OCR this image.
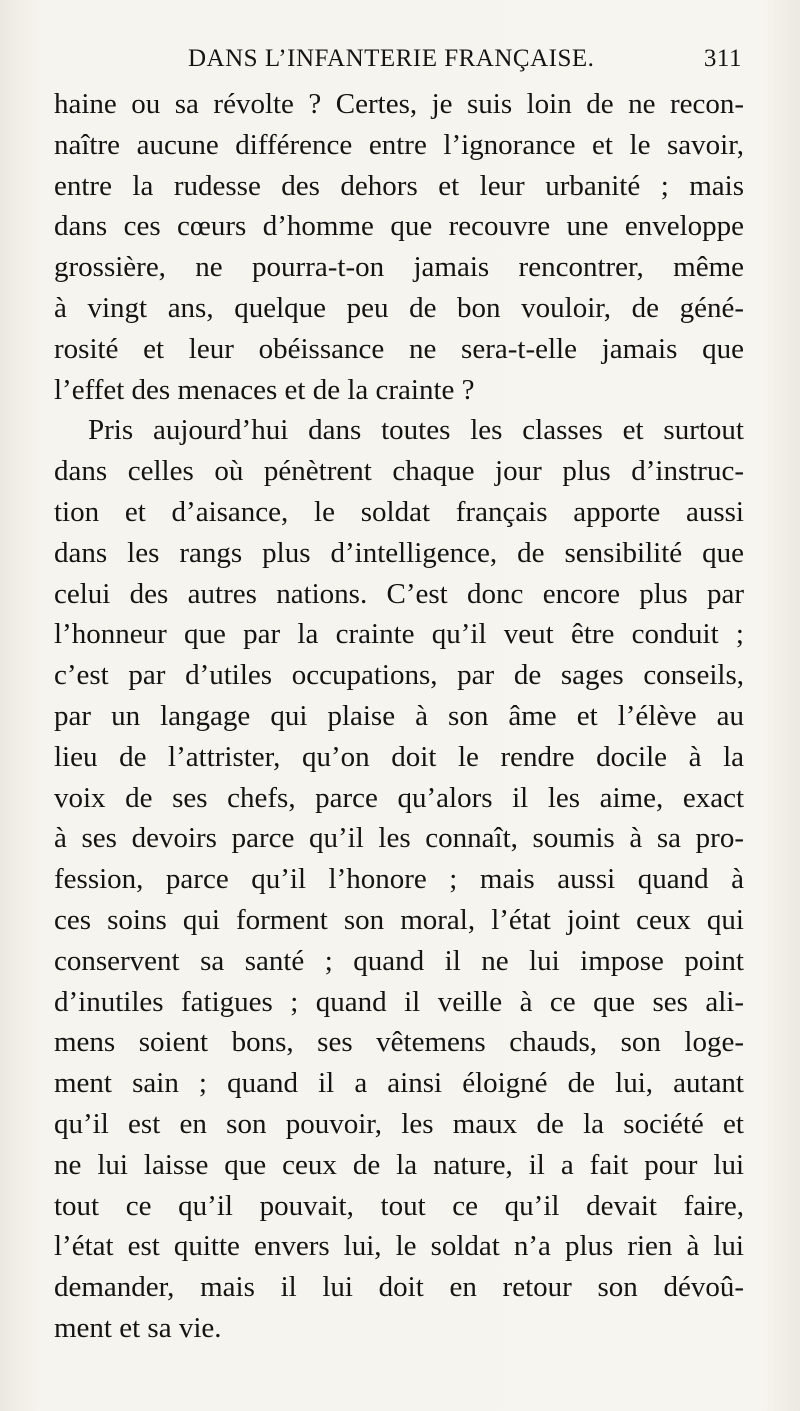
DANS L’INFANTERIE FRANÇAISE.	311
haine ou sa révolte ? Certes, je suis loin de ne recon-
naître aucune différence entre l’ignorance et le savoir,
entre la rudesse des dehors et leur urbanité ; mais
dans ces cœurs d’homme que recouvre une enveloppe
grossière, ne pourra-t-on jamais rencontrer, même
à vingt ans, quelque peu de bon vouloir, de géné-
rosité et leur obéissance ne sera-t-elle jamais que
l’effet des menaces et de la crainte ?
Pris aujourd’hui dans toutes les classes et surtout
dans celles où pénètrent chaque jour plus d’instruc-
tion et d’aisance, le soldat français apporte aussi
dans les rangs plus d’intelligence, de sensibilité que
celui des autres nations. C’est donc encore plus par
l’honneur que par la crainte qu’il veut être conduit ;
c’est par d’utiles occupations, par de sages conseils,
par un langage qui plaise à son âme et l’élève au
lieu de l’attrister, qu’on doit le rendre docile à la
voix de ses chefs, parce qu’alors il les aime, exact
à ses devoirs parce qu’il les connaît, soumis à sa pro-
fession, parce qu’il l’honore ; mais aussi quand à
ces soins qui forment son moral, l’état joint ceux qui
conservent sa santé ; quand il ne lui impose point
d’inutiles fatigues ; quand il veille à ce que ses ali-
mens soient bons, ses vêtemens chauds, son loge-
ment sain ; quand il a ainsi éloigné de lui, autant
qu’il est en son pouvoir, les maux de la société et
ne lui laisse que ceux de la nature, il a fait pour lui
tout ce qu’il pouvait, tout ce qu’il devait faire,
l’état est quitte envers lui, le soldat n’a plus rien à lui
demander, mais il lui doit en retour son dévoû-
ment et sa vie.
